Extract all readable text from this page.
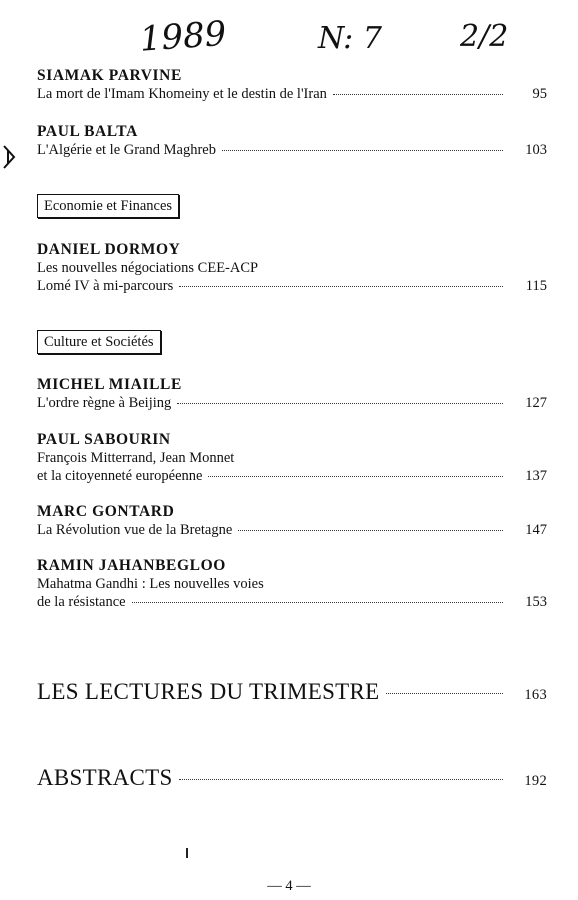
1989	N: 7	2/2
SIAMAK PARVINE
La mort de l'Imam Khomeiny et le destin de l'Iran	95
PAUL BALTA
L'Algérie et le Grand Maghreb	103
Economie et Finances
DANIEL DORMOY
Les nouvelles négociations CEE-ACP
Lomé IV à mi-parcours	115
Culture et Sociétés
MICHEL MIAILLE
L'ordre règne à Beijing	127
PAUL SABOURIN
François Mitterrand, Jean Monnet
et la citoyenneté européenne	137
MARC GONTARD
La Révolution vue de la Bretagne	147
RAMIN JAHANBEGLOO
Mahatma Gandhi : Les nouvelles voies
de la résistance	153
LES LECTURES DU TRIMESTRE	163
ABSTRACTS	192
— 4 —
